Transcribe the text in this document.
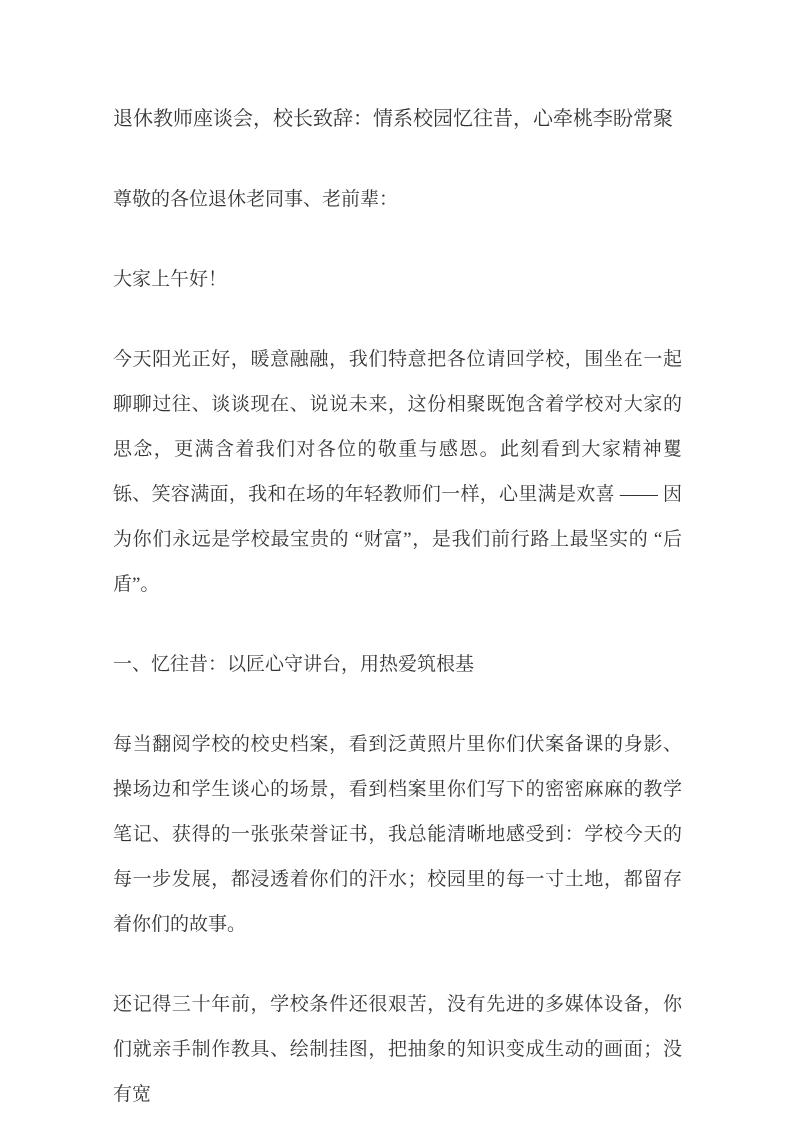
退休教师座谈会，校长致辞：情系校园忆往昔，心牵桃李盼常聚

尊敬的各位退休老同事、老前辈：

大家上午好！

今天阳光正好，暖意融融，我们特意把各位请回学校，围坐在一起聊聊过往、谈谈现在、说说未来，这份相聚既饱含着学校对大家的思念，更满含着我们对各位的敬重与感恩。此刻看到大家精神矍铄、笑容满面，我和在场的年轻教师们一样，心里满是欢喜 —— 因为你们永远是学校最宝贵的 “财富”，是我们前行路上最坚实的 “后盾”。

一、忆往昔：以匠心守讲台，用热爱筑根基

每当翻阅学校的校史档案，看到泛黄照片里你们伏案备课的身影、操场边和学生谈心的场景，看到档案里你们写下的密密麻麻的教学笔记、获得的一张张荣誉证书，我总能清晰地感受到：学校今天的每一步发展，都浸透着你们的汗水；校园里的每一寸土地，都留存着你们的故事。

还记得三十年前，学校条件还很艰苦，没有先进的多媒体设备，你们就亲手制作教具、绘制挂图，把抽象的知识变成生动的画面；没有宽
